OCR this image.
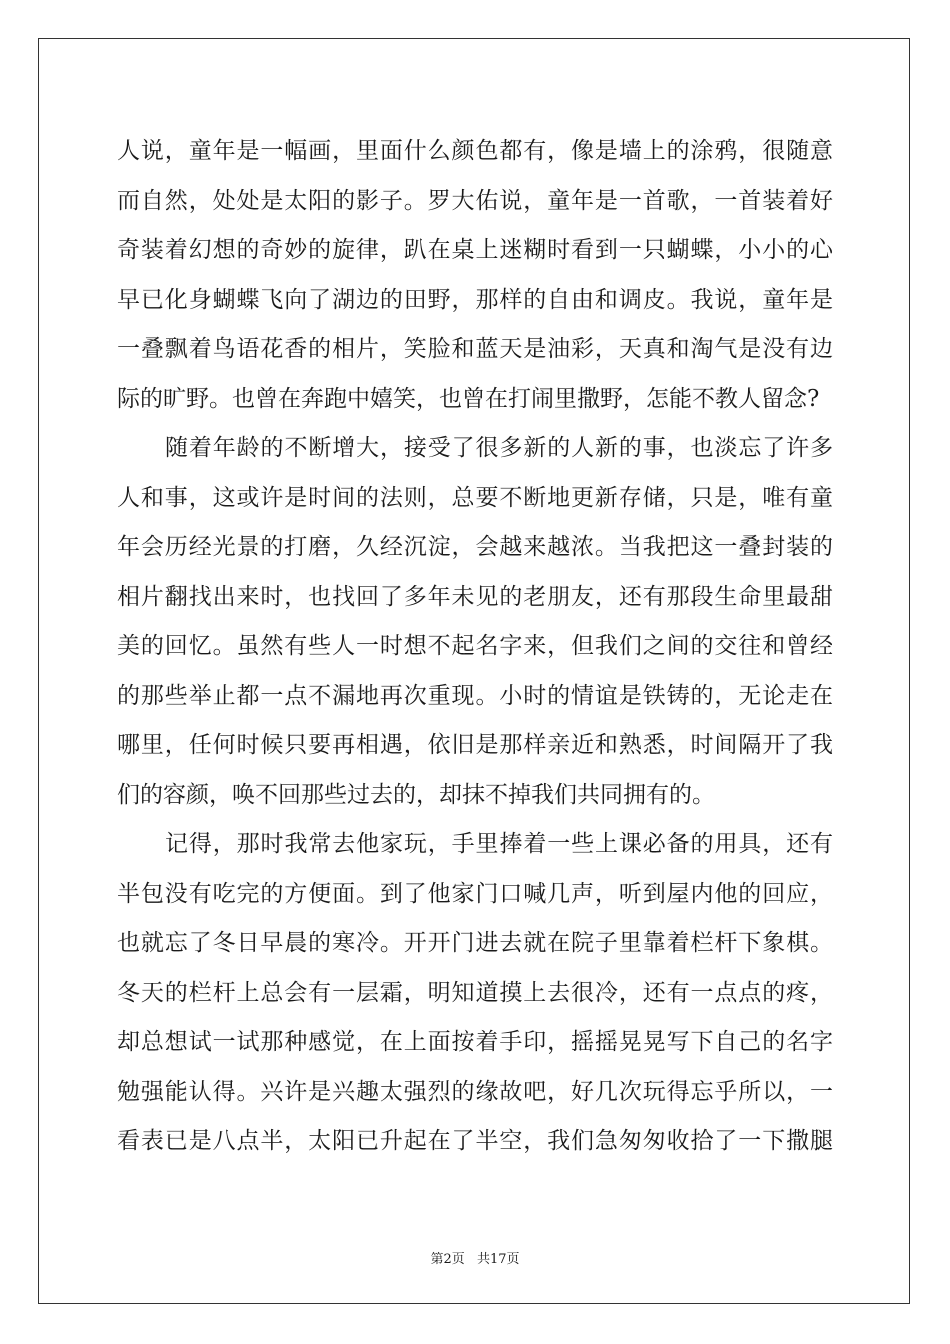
人说，童年是一幅画，里面什么颜色都有，像是墙上的涂鸦，很随意
而自然，处处是太阳的影子。罗大佑说，童年是一首歌，一首装着好
奇装着幻想的奇妙的旋律，趴在桌上迷糊时看到一只蝴蝶，小小的心
早已化身蝴蝶飞向了湖边的田野，那样的自由和调皮。我说，童年是
一叠飘着鸟语花香的相片，笑脸和蓝天是油彩，天真和淘气是没有边
际的旷野。也曾在奔跑中嬉笑，也曾在打闹里撒野，怎能不教人留念?
随着年龄的不断增大，接受了很多新的人新的事，也淡忘了许多
人和事，这或许是时间的法则，总要不断地更新存储，只是，唯有童
年会历经光景的打磨，久经沉淀，会越来越浓。当我把这一叠封装的
相片翻找出来时，也找回了多年未见的老朋友，还有那段生命里最甜
美的回忆。虽然有些人一时想不起名字来，但我们之间的交往和曾经
的那些举止都一点不漏地再次重现。小时的情谊是铁铸的，无论走在
哪里，任何时候只要再相遇，依旧是那样亲近和熟悉，时间隔开了我
们的容颜，唤不回那些过去的，却抹不掉我们共同拥有的。
记得，那时我常去他家玩，手里捧着一些上课必备的用具，还有
半包没有吃完的方便面。到了他家门口喊几声，听到屋内他的回应，
也就忘了冬日早晨的寒冷。开开门进去就在院子里靠着栏杆下象棋。
冬天的栏杆上总会有一层霜，明知道摸上去很冷，还有一点点的疼，
却总想试一试那种感觉，在上面按着手印，摇摇晃晃写下自己的名字
勉强能认得。兴许是兴趣太强烈的缘故吧，好几次玩得忘乎所以，一
看表已是八点半，太阳已升起在了半空，我们急匆匆收拾了一下撒腿
第2页 共17页
